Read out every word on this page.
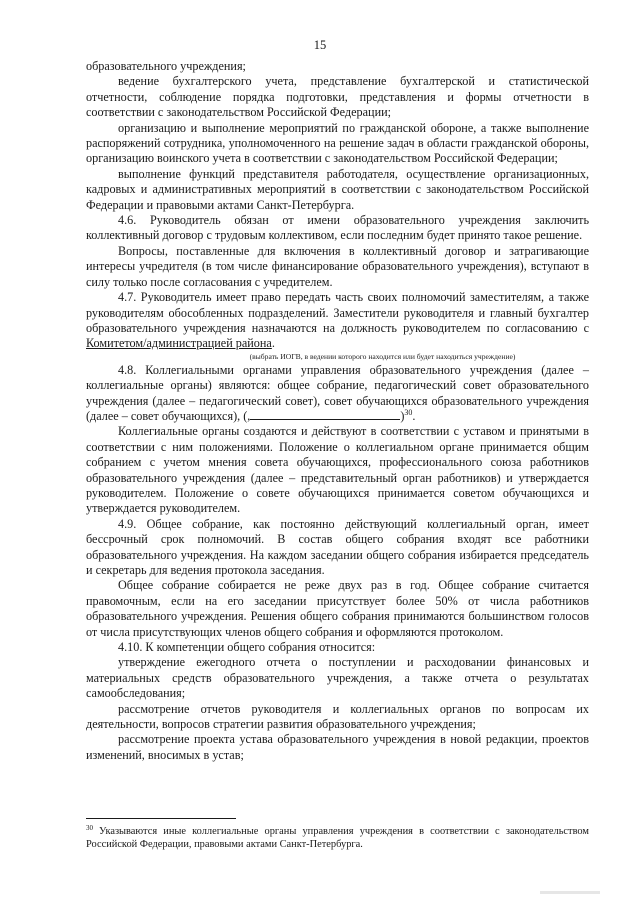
15

образовательного учреждения;

ведение бухгалтерского учета, представление бухгалтерской и статистической отчетности, соблюдение порядка подготовки, представления и формы отчетности в соответствии с законодательством Российской Федерации;

организацию и выполнение мероприятий по гражданской обороне, а также выполнение распоряжений сотрудника, уполномоченного на решение задач в области гражданской обороны, организацию воинского учета в соответствии с законодательством Российской Федерации;

выполнение функций представителя работодателя, осуществление организационных, кадровых и административных мероприятий в соответствии с законодательством Российской Федерации и правовыми актами Санкт-Петербурга.

4.6. Руководитель обязан от имени образовательного учреждения заключить коллективный договор с трудовым коллективом, если последним будет принято такое решение.

Вопросы, поставленные для включения в коллективный договор и затрагивающие интересы учредителя (в том числе финансирование образовательного учреждения), вступают в силу только после согласования с учредителем.

4.7. Руководитель имеет право передать часть своих полномочий заместителям, а также руководителям обособленных подразделений. Заместители руководителя и главный бухгалтер образовательного учреждения назначаются на должность руководителем по согласованию с Комитетом/администрацией района.

(выбрать ИОГВ, в ведении которого находится или будет находиться учреждение)

4.8. Коллегиальными органами управления образовательного учреждения (далее – коллегиальные органы) являются: общее собрание, педагогический совет образовательного учреждения (далее – педагогический совет), совет обучающихся образовательного учреждения (далее – совет обучающихся), (,	)$^{30}$.

Коллегиальные органы создаются и действуют в соответствии с уставом и принятыми в соответствии с ним положениями. Положение о коллегиальном органе принимается общим собранием с учетом мнения совета обучающихся, профессионального союза работников образовательного учреждения (далее – представительный орган работников) и утверждается руководителем. Положение о совете обучающихся принимается советом обучающихся и утверждается руководителем.

4.9. Общее собрание, как постоянно действующий коллегиальный орган, имеет бессрочный срок полномочий. В состав общего собрания входят все работники образовательного учреждения. На каждом заседании общего собрания избирается председатель и секретарь для ведения протокола заседания.

Общее собрание собирается не реже двух раз в год. Общее собрание считается правомочным, если на его заседании присутствует более 50% от числа работников образовательного учреждения. Решения общего собрания принимаются большинством голосов от числа присутствующих членов общего собрания и оформляются протоколом.

4.10. К компетенции общего собрания относится:

утверждение ежегодного отчета о поступлении и расходовании финансовых и материальных средств образовательного учреждения, а также отчета о результатах самообследования;

рассмотрение отчетов руководителя и коллегиальных органов по вопросам их деятельности, вопросов стратегии развития образовательного учреждения;

рассмотрение проекта устава образовательного учреждения в новой редакции, проектов изменений, вносимых в устав;

$^{30}$ Указываются иные коллегиальные органы управления учреждения в соответствии с законодательством Российской Федерации, правовыми актами Санкт-Петербурга.
